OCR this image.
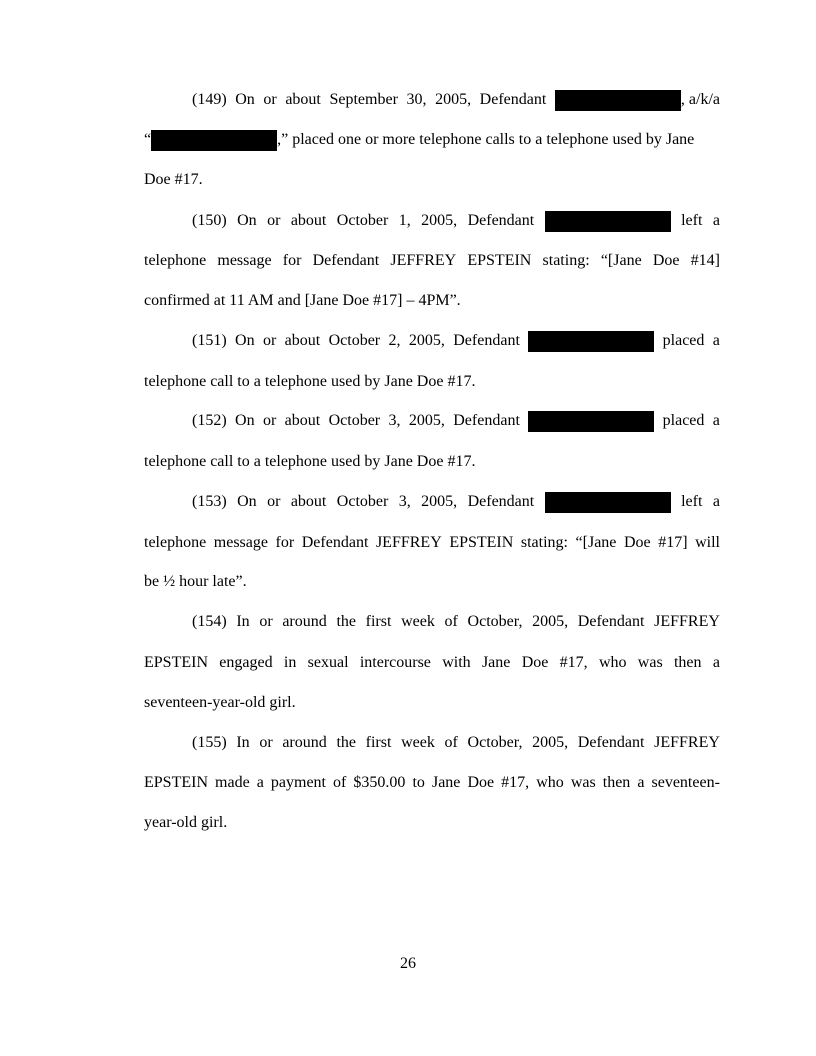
(149) On or about September 30, 2005, Defendant	, a/k/a
“	,” placed one or more telephone calls to a telephone used by Jane
Doe #17.
(150) On or about October 1, 2005, Defendant	left a
telephone message for Defendant JEFFREY EPSTEIN stating: “[Jane Doe #14]
confirmed at 11 AM and [Jane Doe #17] – 4PM”.
(151) On or about October 2, 2005, Defendant	placed a
telephone call to a telephone used by Jane Doe #17.
(152) On or about October 3, 2005, Defendant	placed a
telephone call to a telephone used by Jane Doe #17.
(153) On or about October 3, 2005, Defendant	left a
telephone message for Defendant JEFFREY EPSTEIN stating: “[Jane Doe #17] will
be ½ hour late”.
(154) In or around the first week of October, 2005, Defendant JEFFREY
EPSTEIN engaged in sexual intercourse with Jane Doe #17, who was then a
seventeen-year-old girl.
(155) In or around the first week of October, 2005, Defendant JEFFREY
EPSTEIN made a payment of $350.00 to Jane Doe #17, who was then a seventeen-
year-old girl.
26
